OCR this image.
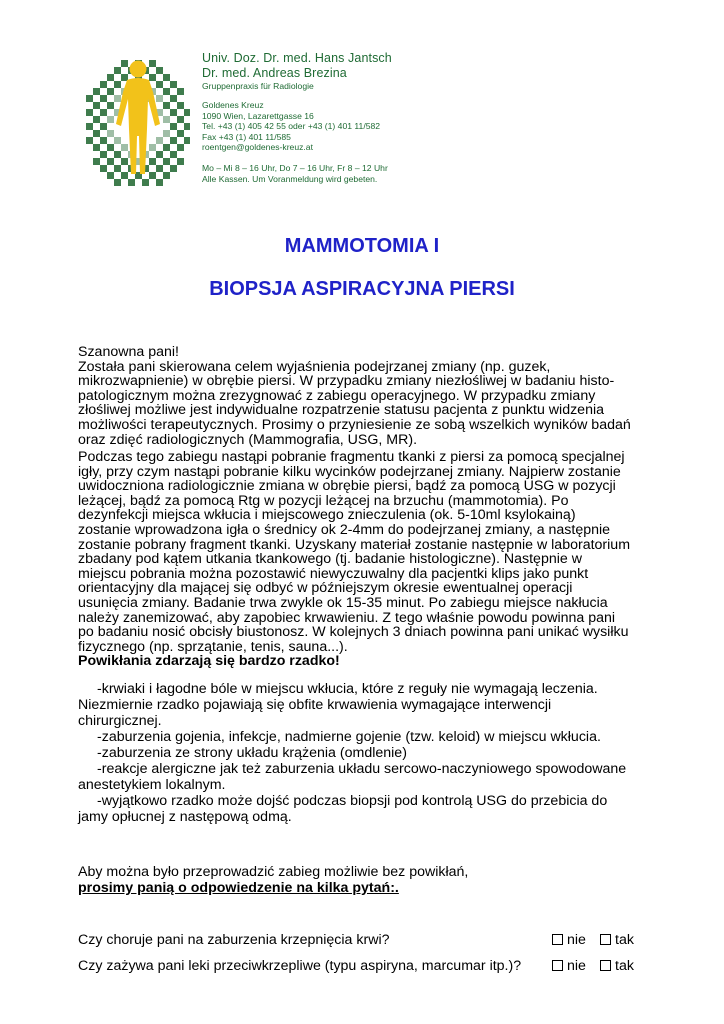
Univ. Doz. Dr. med. Hans Jantsch
Dr. med. Andreas Brezina
Gruppenpraxis für Radiologie
Goldenes Kreuz
1090 Wien, Lazarettgasse 16
Tel. +43 (1) 405 42 55 oder +43 (1) 401 11/582
Fax +43 (1) 401 11/585
roentgen@goldenes-kreuz.at
Mo – Mi 8 – 16 Uhr, Do 7 – 16 Uhr, Fr 8 – 12 Uhr
Alle Kassen. Um Voranmeldung wird gebeten.
MAMMOTOMIA I
BIOPSJA ASPIRACYJNA PIERSI

Szanowna pani!

Została pani skierowana celem wyjaśnienia podejrzanej zmiany (np. guzek,
mikrozwapnienie) w obrębie piersi. W przypadku zmiany niezłośliwej w badaniu histo-
patologicznym można zrezygnować z zabiegu operacyjnego. W przypadku zmiany
złośliwej możliwe jest indywidualne rozpatrzenie statusu pacjenta z punktu widzenia
możliwości terapeutycznych. Prosimy o przyniesienie ze sobą wszelkich wyników badań
oraz zdięć radiologicznych (Mammografia, USG, MR).
Podczas tego zabiegu nastąpi pobranie fragmentu tkanki z piersi za pomocą specjalnej
igły, przy czym nastąpi pobranie kilku wycinków podejrzanej zmiany. Najpierw zostanie
uwidoczniona radiologicznie zmiana w obrębie piersi, bądź za pomocą USG w pozycji
leżącej, bądź za pomocą Rtg w pozycji leżącej na brzuchu (mammotomia). Po
dezynfekcji miejsca wkłucia i miejscowego znieczulenia (ok. 5-10ml ksylokainą)
zostanie wprowadzona igła o średnicy ok 2-4mm do podejrzanej zmiany, a następnie
zostanie pobrany fragment tkanki. Uzyskany materiał zostanie następnie w laboratorium
zbadany pod kątem utkania tkankowego (tj. badanie histologiczne). Następnie w
miejscu pobrania można pozostawić niewyczuwalny dla pacjentki klips jako punkt
orientacyjny dla mającej się odbyć w późniejszym okresie ewentualnej operacji
usunięcia zmiany. Badanie trwa zwykle ok 15-35 minut. Po zabiegu miejsce nakłucia
należy zanemizować, aby zapobiec krwawieniu. Z tego właśnie powodu powinna pani
po badaniu nosić obcisły biustonosz. W kolejnych 3 dniach powinna pani unikać wysiłku
fizycznego (np. sprzątanie, tenis, sauna...).
Powikłania zdarzają się bardzo rzadko!
-krwiaki i łagodne bóle w miejscu wkłucia, które z reguły nie wymagają leczenia.
Niezmiernie rzadko pojawiają się obfite krwawienia wymagające interwencji
chirurgicznej.
-zaburzenia gojenia, infekcje, nadmierne gojenie (tzw. keloid) w miejscu wkłucia.
-zaburzenia ze strony układu krążenia (omdlenie)
-reakcje alergiczne jak też zaburzenia układu sercowo-naczyniowego spowodowane
anestetykiem lokalnym.
-wyjątkowo rzadko może dojść podczas biopsji pod kontrolą USG do przebicia do
jamy opłucnej z następową odmą.
Aby można było przeprowadzić zabieg możliwie bez powikłań,
prosimy panią o odpowiedzenie na kilka pytań:.
Czy choruje pani na zaburzenia krzepnięcia krwi?	nie	tak
Czy zażywa pani leki przeciwkrzepliwe (typu aspiryna, marcumar itp.)?	nie	tak
